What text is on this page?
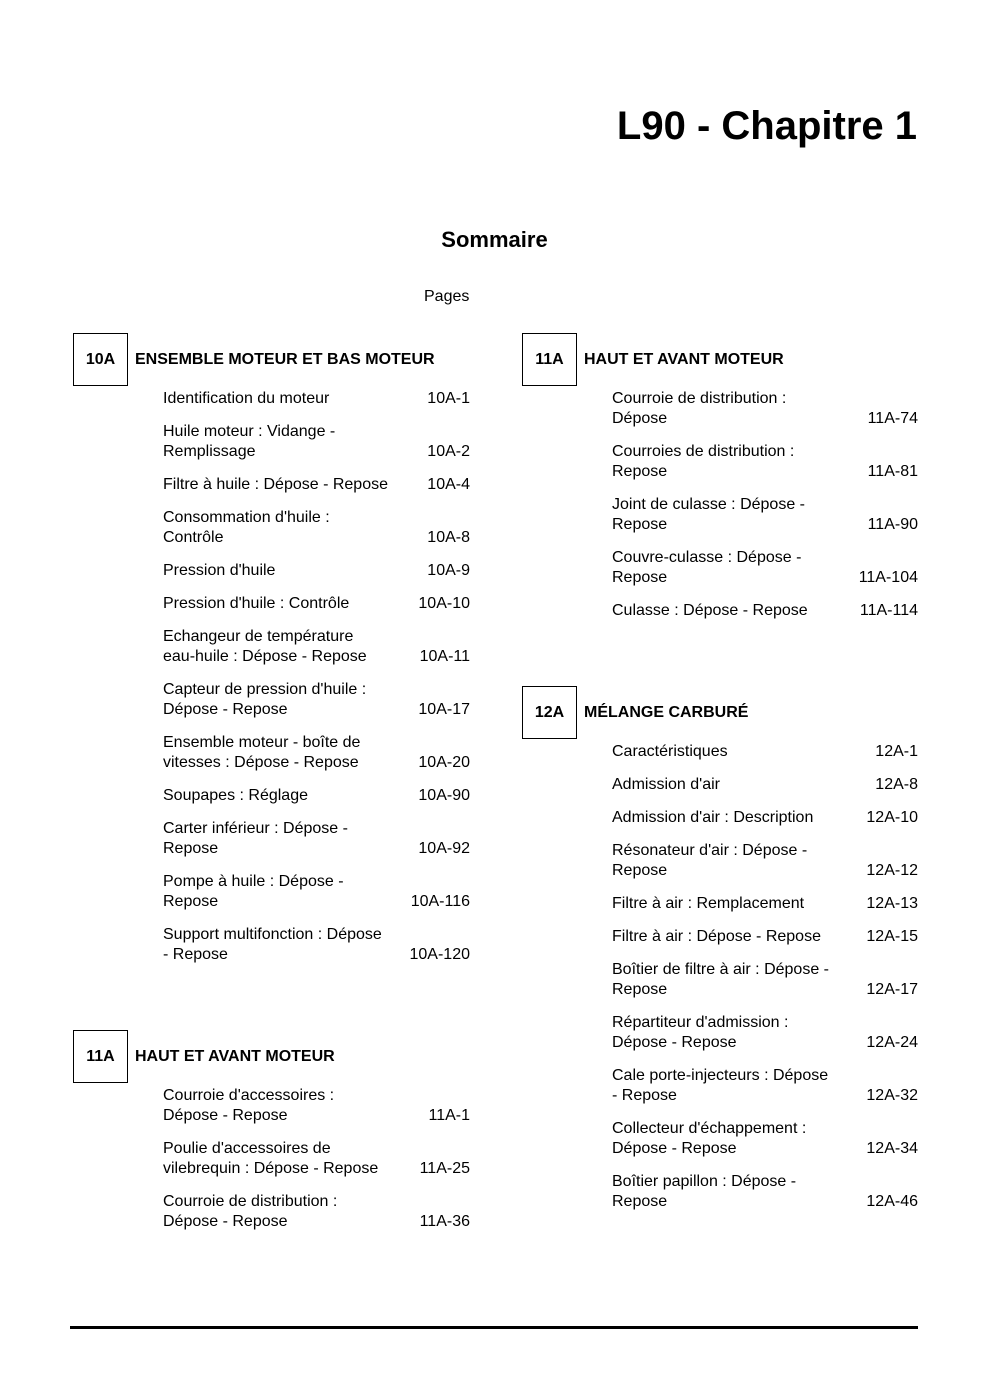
L90 - Chapitre 1
Sommaire
Pages
10A	ENSEMBLE MOTEUR ET BAS MOTEUR
Identification du moteur	10A-1
Huile moteur : Vidange - Remplissage	10A-2
Filtre à huile : Dépose - Repose 10A-4
Consommation d'huile : Contrôle	10A-8
Pression d'huile	10A-9
Pression d'huile : Contrôle	10A-10
Echangeur de température eau-huile : Dépose - Repose	10A-11
Capteur de pression d'huile : Dépose - Repose	10A-17
Ensemble moteur - boîte de vitesses : Dépose - Repose	10A-20
Soupapes : Réglage	10A-90
Carter inférieur : Dépose - Repose	10A-92
Pompe à huile : Dépose - Repose	10A-116
Support multifonction : Dépose - Repose	10A-120
11A	HAUT ET AVANT MOTEUR
Courroie d'accessoires : Dépose - Repose	11A-1
Poulie d'accessoires de vilebrequin : Dépose - Repose	11A-25
Courroie de distribution : Dépose - Repose	11A-36
11A	HAUT ET AVANT MOTEUR
Courroie de distribution : Dépose	11A-74
Courroies de distribution : Repose	11A-81
Joint de culasse : Dépose - Repose	11A-90
Couvre-culasse : Dépose - Repose	11A-104
Culasse : Dépose - Repose	11A-114
12A	MÉLANGE CARBURÉ
Caractéristiques	12A-1
Admission d'air	12A-8
Admission d'air : Description	12A-10
Résonateur d'air : Dépose - Repose	12A-12
Filtre à air : Remplacement	12A-13
Filtre à air : Dépose - Repose	12A-15
Boîtier de filtre à air : Dépose - Repose	12A-17
Répartiteur d'admission : Dépose - Repose	12A-24
Cale porte-injecteurs : Dépose - Repose	12A-32
Collecteur d'échappement : Dépose - Repose	12A-34
Boîtier papillon : Dépose - Repose	12A-46
